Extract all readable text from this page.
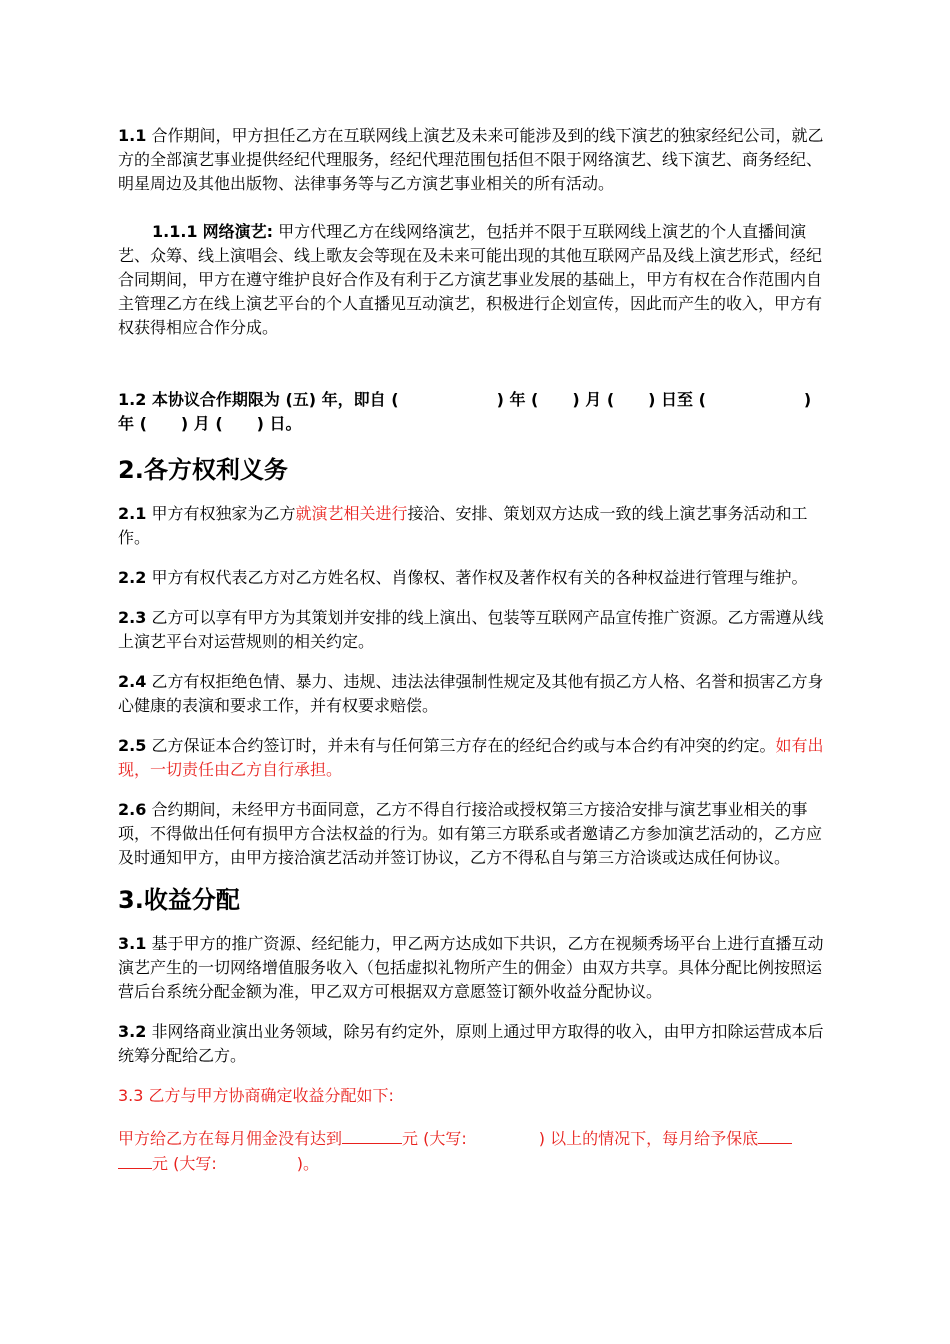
1.1 合作期间，甲方担任乙方在互联网线上演艺及未来可能涉及到的线下演艺的独家经纪公司，就乙方的全部演艺事业提供经纪代理服务，经纪代理范围包括但不限于网络演艺、线下演艺、商务经纪、明星周边及其他出版物、法律事务等与乙方演艺事业相关的所有活动。

1.1.1 网络演艺: 甲方代理乙方在线网络演艺，包括并不限于互联网线上演艺的个人直播间演艺、众筹、线上演唱会、线上歌友会等现在及未来可能出现的其他互联网产品及线上演艺形式，经纪合同期间，甲方在遵守维护良好合作及有利于乙方演艺事业发展的基础上，甲方有权在合作范围内自主管理乙方在线上演艺平台的个人直播见互动演艺，积极进行企划宣传，因此而产生的收入，甲方有权获得相应合作分成。

1.2 本协议合作期限为 (五) 年，即自 (	) 年 ( ) 月 ( ) 日至 (	)
年 ( ) 月 ( ) 日。

2.各方权利义务

2.1 甲方有权独家为乙方就演艺相关进行接洽、安排、策划双方达成一致的线上演艺事务活动和工作。

2.2 甲方有权代表乙方对乙方姓名权、肖像权、著作权及著作权有关的各种权益进行管理与维护。

2.3 乙方可以享有甲方为其策划并安排的线上演出、包装等互联网产品宣传推广资源。乙方需遵从线上演艺平台对运营规则的相关约定。

2.4 乙方有权拒绝色情、暴力、违规、违法法律强制性规定及其他有损乙方人格、名誉和损害乙方身心健康的表演和要求工作，并有权要求赔偿。

2.5 乙方保证本合约签订时，并未有与任何第三方存在的经纪合约或与本合约有冲突的约定。如有出现，一切责任由乙方自行承担。

2.6 合约期间，未经甲方书面同意，乙方不得自行接洽或授权第三方接洽安排与演艺事业相关的事项，不得做出任何有损甲方合法权益的行为。如有第三方联系或者邀请乙方参加演艺活动的，乙方应及时通知甲方，由甲方接洽演艺活动并签订协议，乙方不得私自与第三方洽谈或达成任何协议。

3.收益分配

3.1 基于甲方的推广资源、经纪能力，甲乙两方达成如下共识，乙方在视频秀场平台上进行直播互动演艺产生的一切网络增值服务收入（包括虚拟礼物所产生的佣金）由双方共享。具体分配比例按照运营后台系统分配金额为准，甲乙双方可根据双方意愿签订额外收益分配协议。

3.2 非网络商业演出业务领域，除另有约定外，原则上通过甲方取得的收入，由甲方扣除运营成本后统筹分配给乙方。

3.3 乙方与甲方协商确定收益分配如下:

甲方给乙方在每月佣金没有达到	元 (大写:	) 以上的情况下，每月给予保底
元 (大写:	)。
